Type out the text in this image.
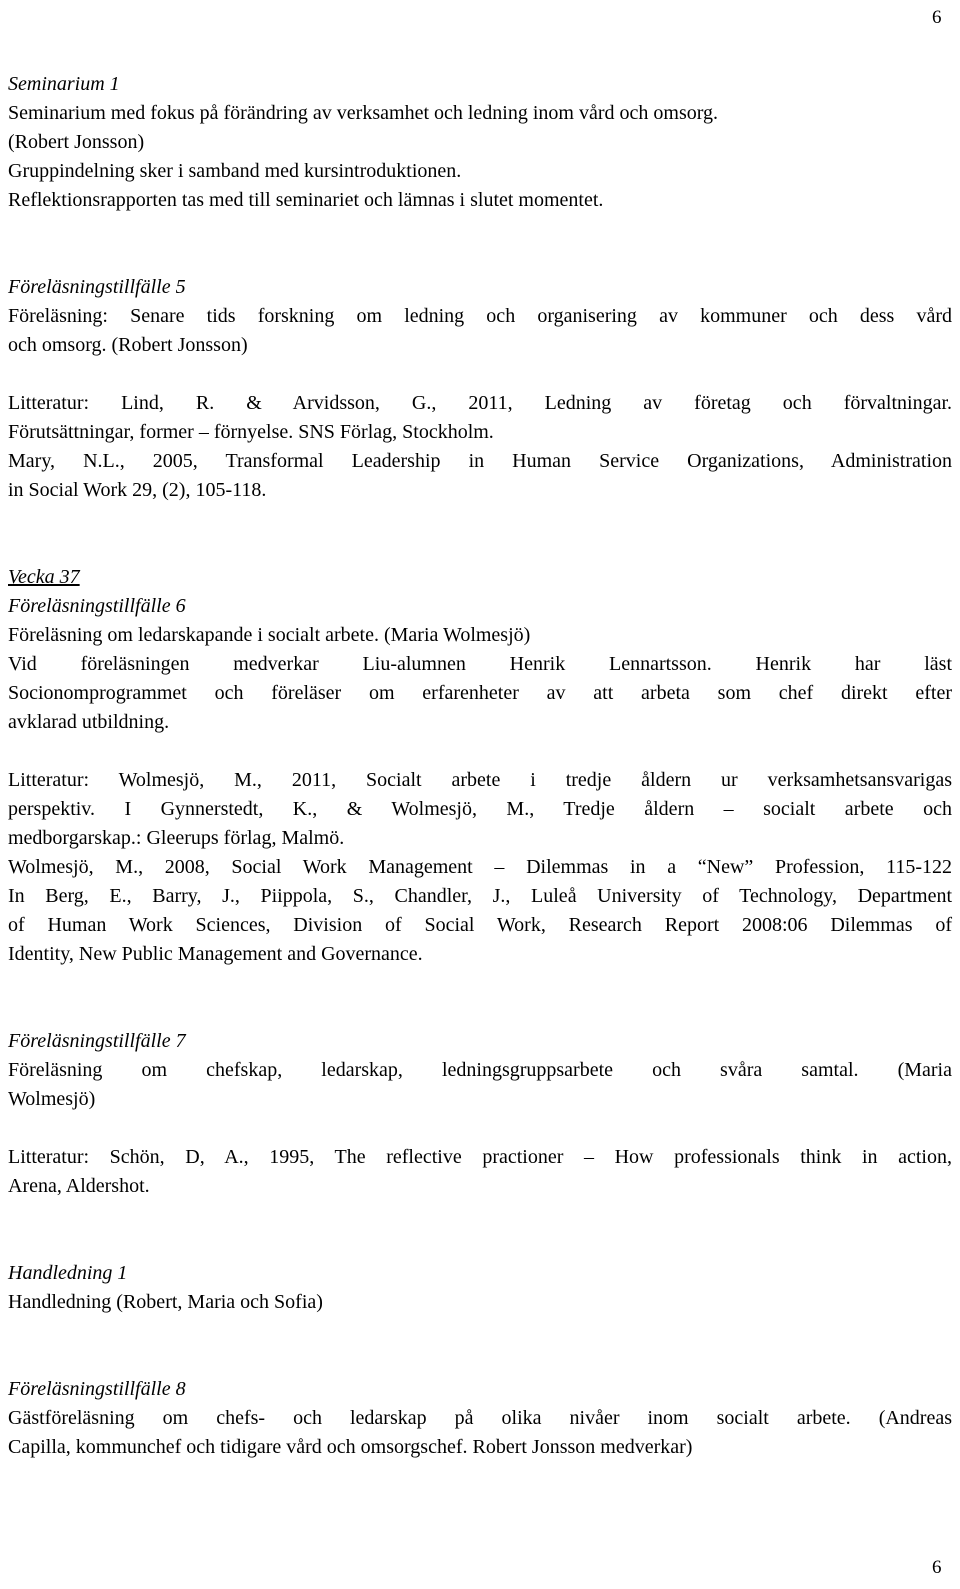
6
Seminarium 1
Seminarium med fokus på förändring av verksamhet och ledning inom vård och omsorg.
(Robert Jonsson)
Gruppindelning sker i samband med kursintroduktionen.
Reflektionsrapporten tas med till seminariet och lämnas i slutet momentet.
Föreläsningstillfälle 5
Föreläsning: Senare tids forskning om ledning och organisering av kommuner och dess vård
och omsorg. (Robert Jonsson)
Litteratur: Lind, R. & Arvidsson, G., 2011, Ledning av företag och förvaltningar.
Förutsättningar, former – förnyelse. SNS Förlag, Stockholm.
Mary, N.L., 2005, Transformal Leadership in Human Service Organizations, Administration
in Social Work 29, (2), 105-118.
Vecka 37
Föreläsningstillfälle 6
Föreläsning om ledarskapande i socialt arbete. (Maria Wolmesjö)
Vid föreläsningen medverkar Liu-alumnen Henrik Lennartsson. Henrik har läst
Socionomprogrammet och föreläser om erfarenheter av att arbeta som chef direkt efter
avklarad utbildning.
Litteratur: Wolmesjö, M., 2011, Socialt arbete i tredje åldern ur verksamhetsansvarigas
perspektiv. I Gynnerstedt, K., & Wolmesjö, M., Tredje åldern – socialt arbete och
medborgarskap.: Gleerups förlag, Malmö.
Wolmesjö, M., 2008, Social Work Management – Dilemmas in a “New” Profession, 115-122
In Berg, E., Barry, J., Piippola, S., Chandler, J., Luleå University of Technology, Department
of Human Work Sciences, Division of Social Work, Research Report 2008:06 Dilemmas of
Identity, New Public Management and Governance.
Föreläsningstillfälle 7
Föreläsning om chefskap, ledarskap, ledningsgruppsarbete och svåra samtal. (Maria
Wolmesjö)
Litteratur: Schön, D, A., 1995, The reflective practioner – How professionals think in action,
Arena, Aldershot.
Handledning 1
Handledning (Robert, Maria och Sofia)
Föreläsningstillfälle 8
Gästföreläsning om chefs- och ledarskap på olika nivåer inom socialt arbete. (Andreas
Capilla, kommunchef och tidigare vård och omsorgschef. Robert Jonsson medverkar)
6
